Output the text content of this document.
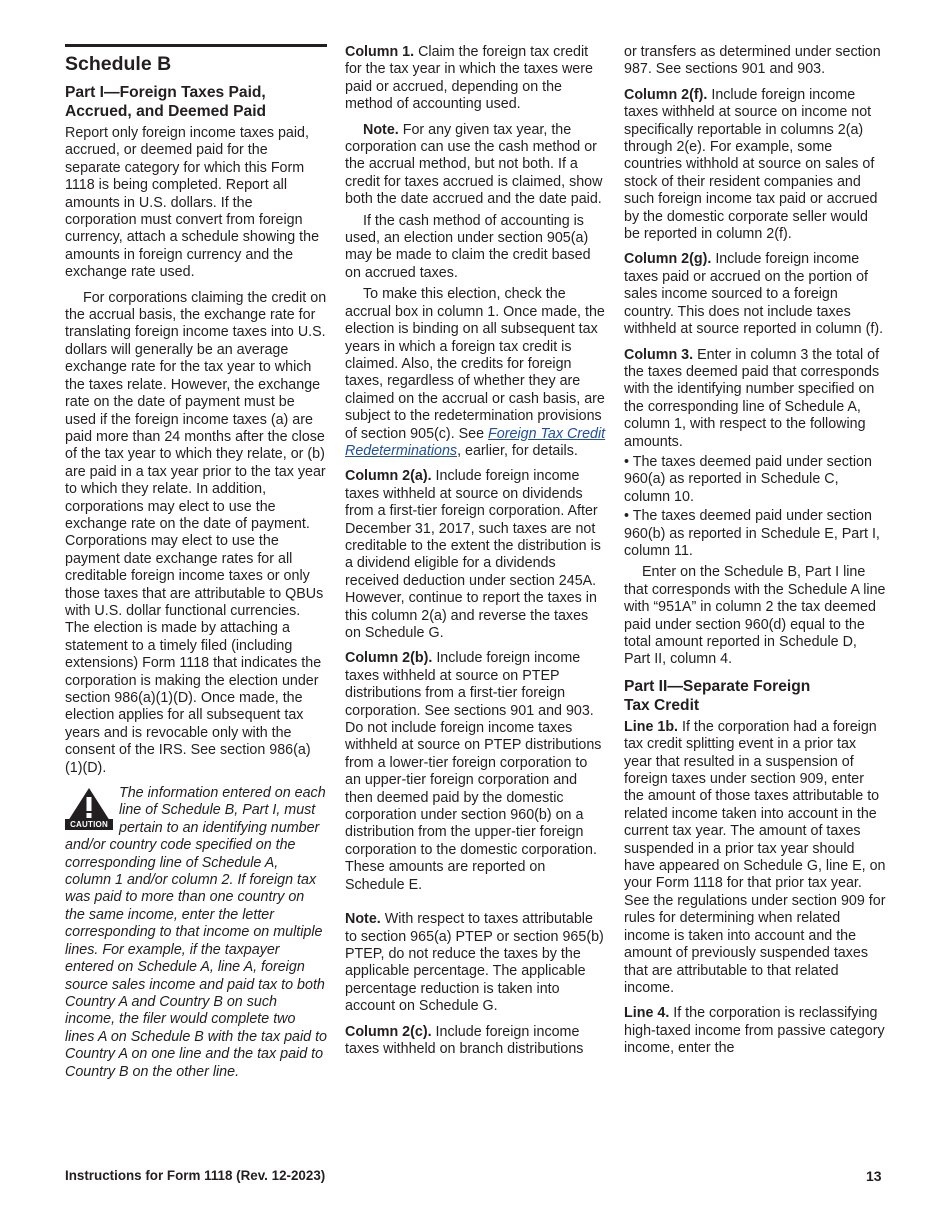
Schedule B
Part I—Foreign Taxes Paid, Accrued, and Deemed Paid

Report only foreign income taxes paid, accrued, or deemed paid for the separate category for which this Form 1118 is being completed. Report all amounts in U.S. dollars. If the corporation must convert from foreign currency, attach a schedule showing the amounts in foreign currency and the exchange rate used.

For corporations claiming the credit on the accrual basis, the exchange rate for translating foreign income taxes into U.S. dollars will generally be an average exchange rate for the tax year to which the taxes relate. However, the exchange rate on the date of payment must be used if the foreign income taxes (a) are paid more than 24 months after the close of the tax year to which they relate, or (b) are paid in a tax year prior to the tax year to which they relate. In addition, corporations may elect to use the exchange rate on the date of payment. Corporations may elect to use the payment date exchange rates for all creditable foreign income taxes or only those taxes that are attributable to QBUs with U.S. dollar functional currencies. The election is made by attaching a statement to a timely filed (including extensions) Form 1118 that indicates the corporation is making the election under section 986(a)(1)(D). Once made, the election applies for all subsequent tax years and is revocable only with the consent of the IRS. See section 986(a)(1)(D).

CAUTION
The information entered on each line of Schedule B, Part I, must pertain to an identifying number and/or country code specified on the corresponding line of Schedule A, column 1 and/or column 2. If foreign tax was paid to more than one country on the same income, enter the letter corresponding to that income on multiple lines. For example, if the taxpayer entered on Schedule A, line A, foreign source sales income and paid tax to both Country A and Country B on such income, the filer would complete two lines A on Schedule B with the tax paid to Country A on one line and the tax paid to Country B on the other line.

Column 1. Claim the foreign tax credit for the tax year in which the taxes were paid or accrued, depending on the method of accounting used.

Note. For any given tax year, the corporation can use the cash method or the accrual method, but not both. If a credit for taxes accrued is claimed, show both the date accrued and the date paid.

If the cash method of accounting is used, an election under section 905(a) may be made to claim the credit based on accrued taxes.

To make this election, check the accrual box in column 1. Once made, the election is binding on all subsequent tax years in which a foreign tax credit is claimed. Also, the credits for foreign taxes, regardless of whether they are claimed on the accrual or cash basis, are subject to the redetermination provisions of section 905(c). See Foreign Tax Credit Redeterminations, earlier, for details.

Column 2(a). Include foreign income taxes withheld at source on dividends from a first-tier foreign corporation. After December 31, 2017, such taxes are not creditable to the extent the distribution is a dividend eligible for a dividends received deduction under section 245A. However, continue to report the taxes in this column 2(a) and reverse the taxes on Schedule G.

Column 2(b). Include foreign income taxes withheld at source on PTEP distributions from a first-tier foreign corporation. See sections 901 and 903. Do not include foreign income taxes withheld at source on PTEP distributions from a lower-tier foreign corporation to an upper-tier foreign corporation and then deemed paid by the domestic corporation under section 960(b) on a distribution from the upper-tier foreign corporation to the domestic corporation. These amounts are reported on Schedule E.

Note. With respect to taxes attributable to section 965(a) PTEP or section 965(b) PTEP, do not reduce the taxes by the applicable percentage. The applicable percentage reduction is taken into account on Schedule G.

Column 2(c). Include foreign income taxes withheld on branch distributions

or transfers as determined under section 987. See sections 901 and 903.

Column 2(f). Include foreign income taxes withheld at source on income not specifically reportable in columns 2(a) through 2(e). For example, some countries withhold at source on sales of stock of their resident companies and such foreign income tax paid or accrued by the domestic corporate seller would be reported in column 2(f).

Column 2(g). Include foreign income taxes paid or accrued on the portion of sales income sourced to a foreign country. This does not include taxes withheld at source reported in column (f).

Column 3. Enter in column 3 the total of the taxes deemed paid that corresponds with the identifying number specified on the corresponding line of Schedule A, column 1, with respect to the following amounts.

• The taxes deemed paid under section 960(a) as reported in Schedule C, column 10.
• The taxes deemed paid under section 960(b) as reported in Schedule E, Part I, column 11.

Enter on the Schedule B, Part I line that corresponds with the Schedule A line with “951A” in column 2 the tax deemed paid under section 960(d) equal to the total amount reported in Schedule D, Part II, column 4.

Part II—Separate Foreign Tax Credit

Line 1b. If the corporation had a foreign tax credit splitting event in a prior tax year that resulted in a suspension of foreign taxes under section 909, enter the amount of those taxes attributable to related income taken into account in the current tax year. The amount of taxes suspended in a prior tax year should have appeared on Schedule G, line E, on your Form 1118 for that prior tax year. See the regulations under section 909 for rules for determining when related income is taken into account and the amount of previously suspended taxes that are attributable to that related income.

Line 4. If the corporation is reclassifying high-taxed income from passive category income, enter the

Instructions for Form 1118 (Rev. 12-2023)	13
